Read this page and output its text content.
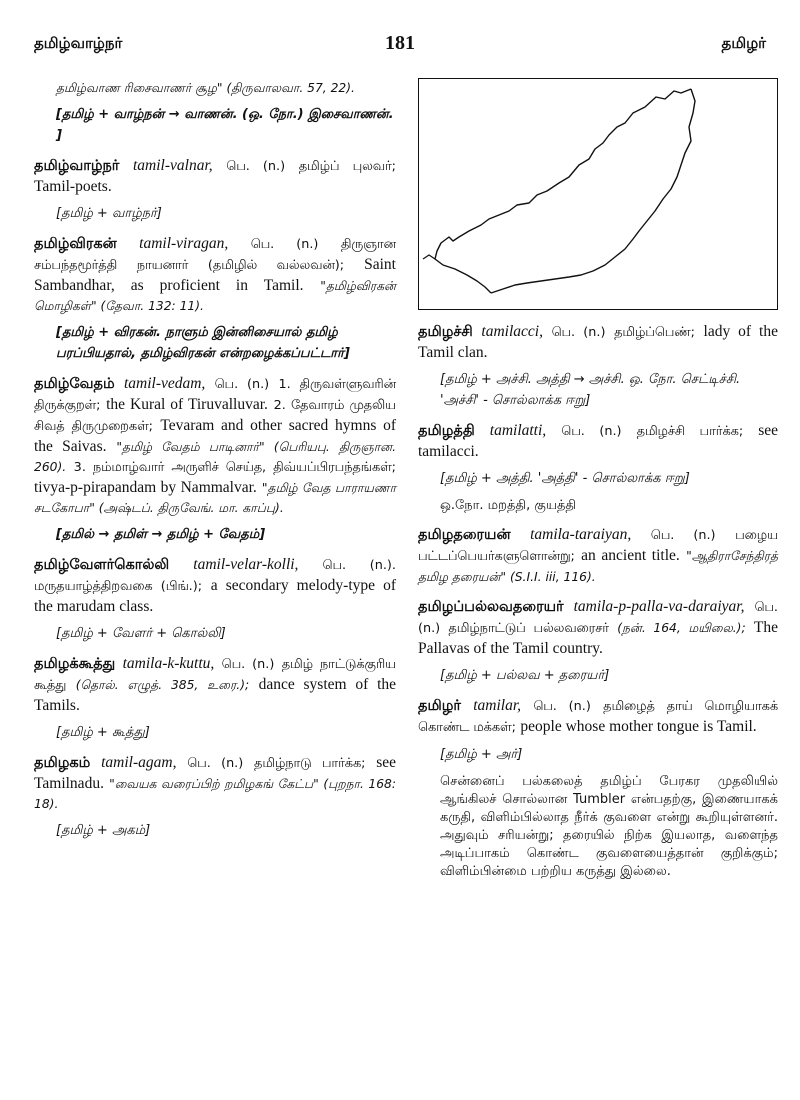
தமிழ்வாழ்நர்	181	தமிழர்
தமிழ்வாண ரிசைவாணர் சூழ" (திருவாலவா. 57, 22).
[தமிழ் + வாழ்நன் → வாணன். (ஒ. நோ.) இசைவாணன். ]
தமிழ்வாழ்நர் tamil-valnar, பெ. (n.) தமிழ்ப் புலவர்; Tamil-poets.
[தமிழ் + வாழ்நர்]
தமிழ்விரகன் tamil-viragan, பெ. (n.) திருஞான சம்பந்தமூர்த்தி நாயனார் (தமிழில் வல்லவன்); Saint Sambandhar, as proficient in Tamil. "தமிழ்விரகன் மொழிகள்" (தேவா. 132: 11).
[தமிழ் + விரகன். நாளும் இன்னிசையால் தமிழ் பரப்பியதால், தமிழ்விரகன் என்றழைக்கப்பட்டார்]
தமிழ்வேதம் tamil-vedam, பெ. (n.) 1. திருவள்ளுவரின் திருக்குறள்; the Kural of Tiruvalluvar. 2. தேவாரம் முதலிய சிவத் திருமுறைகள்; Tevaram and other sacred hymns of the Saivas. "தமிழ் வேதம் பாடினார்" (பெரியபு. திருஞான. 260). 3. நம்மாழ்வார் அருளிச் செய்த, திவ்யப்பிரபந்தங்கள்; tivya-p-pirapandam by Nammalvar. "தமிழ் வேத பாராயணா சடகோபா" (அஷ்டப். திருவேங். மா. காப்பு).
[தமில் → தமிள் → தமிழ் + வேதம்]
தமிழ்வேளர்கொல்லி tamil-velar-kolli, பெ. (n.). மருதயாழ்த்திறவகை (பிங்.); a secondary melody-type of the marudam class.
[தமிழ் + வேளர் + கொல்லி]
தமிழக்கூத்து tamila-k-kuttu, பெ. (n.) தமிழ் நாட்டுக்குரிய கூத்து (தொல். எழுத். 385, உரை.); dance system of the Tamils.
[தமிழ் + கூத்து]
தமிழகம் tamil-agam, பெ. (n.) தமிழ்நாடு பார்க்க; see Tamilnadu. "வையக வரைப்பிற் றமிழகங் கேட்ப" (புறநா. 168: 18).
[தமிழ் + அகம்]
தமிழச்சி tamilacci, பெ. (n.) தமிழ்ப்பெண்; lady of the Tamil clan.
[தமிழ் + அச்சி. அத்தி → அச்சி. ஒ. நோ. செட்டிச்சி. 'அச்சி' - சொல்லாக்க ஈறு]
தமிழத்தி tamilatti, பெ. (n.) தமிழச்சி பார்க்க; see tamilacci.
[தமிழ் + அத்தி. 'அத்தி' - சொல்லாக்க ஈறு]
ஒ.நோ. மறத்தி, குயத்தி
தமிழதரையன் tamila-taraiyan, பெ. (n.) பழைய பட்டப்பெயர்களுளொன்று; an ancient title. "ஆதிராசேந்திரத் தமிழ தரையன்" (S.I.I. iii, 116).
தமிழப்பல்லவதரையர் tamila-p-palla-va-daraiyar, பெ. (n.) தமிழ்நாட்டுப் பல்லவரைசர் (நன். 164, மயிலை.); The Pallavas of the Tamil country.
[தமிழ் + பல்லவ + தரையர்]
தமிழர் tamilar, பெ. (n.) தமிழைத் தாய் மொழியாகக் கொண்ட மக்கள்; people whose mother tongue is Tamil.
[தமிழ் + அர்]
சென்னைப் பல்கலைத் தமிழ்ப் பேரகர முதலியில் ஆங்கிலச் சொல்லான Tumbler என்பதற்கு, இணையாகக் கருதி, விளிம்பில்லாத நீர்க் குவளை என்று கூறியுள்ளனர். அதுவும் சரியன்று; தரையில் நிற்க இயலாத, வளைந்த அடிப்பாகம் கொண்ட குவளையைத்தான் குறிக்கும்; விளிம்பின்மை பற்றிய கருத்து இல்லை.
